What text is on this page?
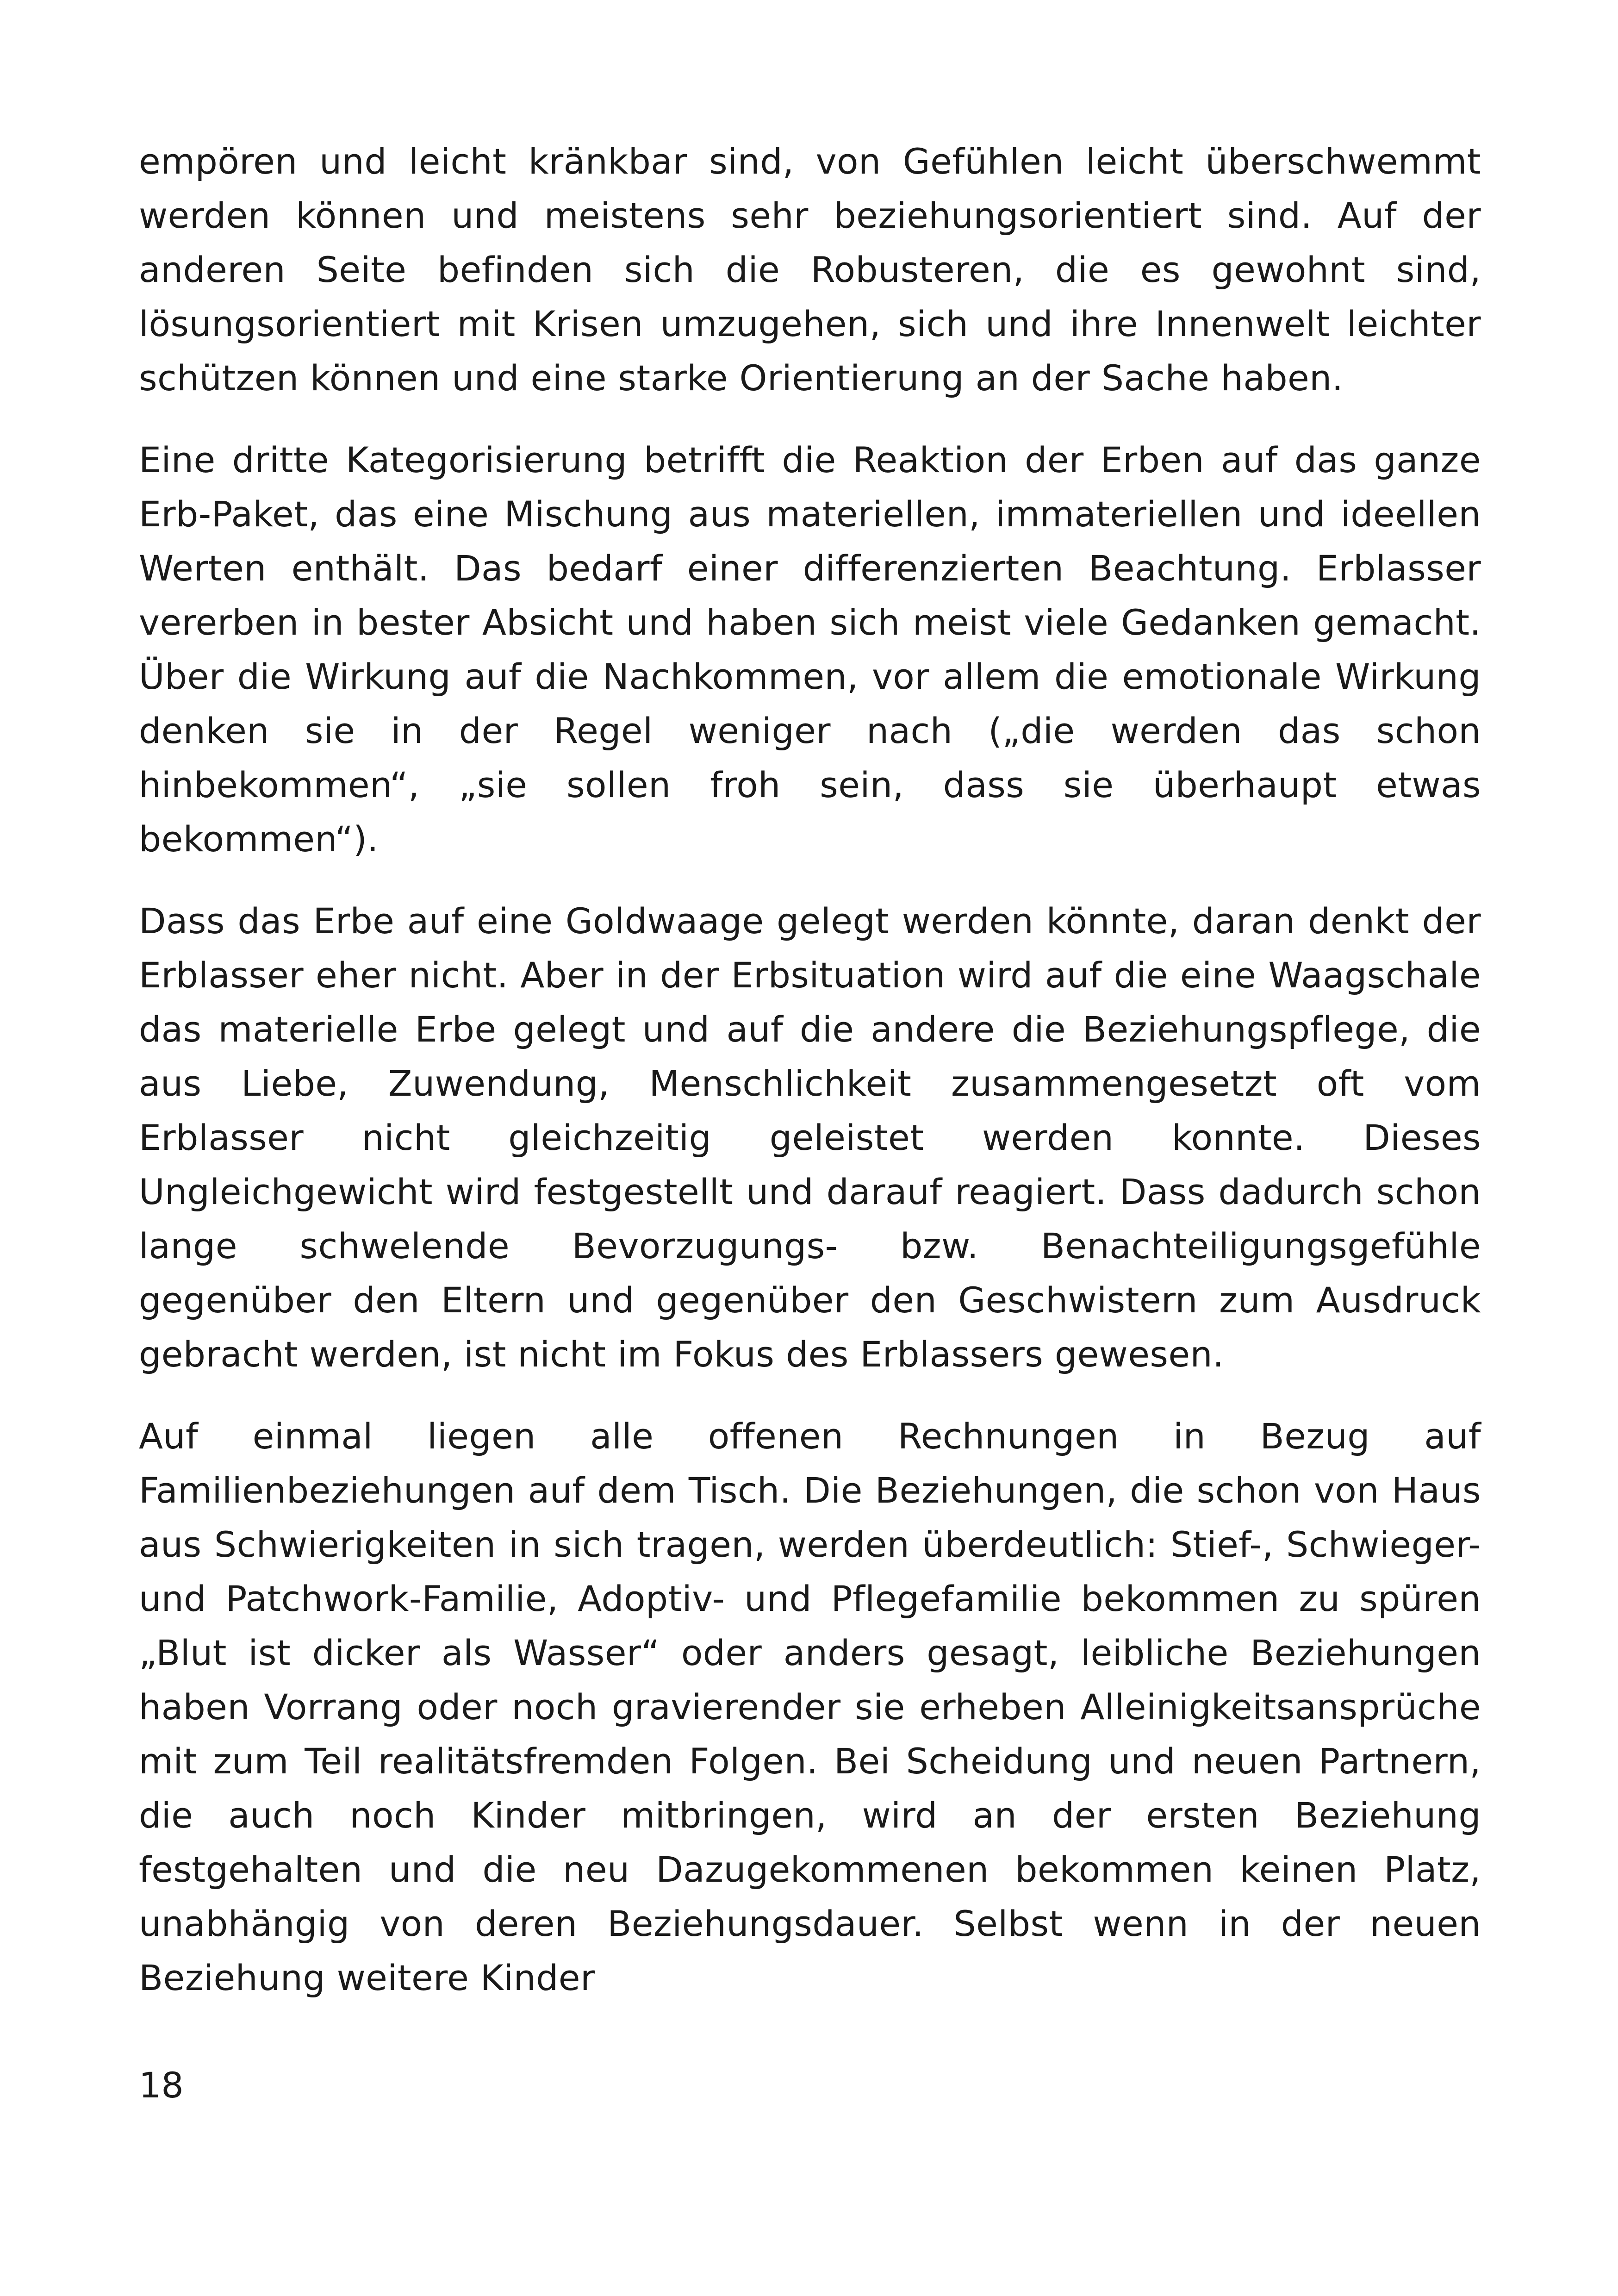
empören und leicht kränkbar sind, von Gefühlen leicht überschwemmt werden können und meistens sehr beziehungsorientiert sind. Auf der anderen Seite befinden sich die Robusteren, die es gewohnt sind, lösungsorientiert mit Krisen umzugehen, sich und ihre Innenwelt leichter schützen können und eine starke Orientierung an der Sache haben.

Eine dritte Kategorisierung betrifft die Reaktion der Erben auf das ganze Erb-Paket, das eine Mischung aus materiellen, immateriellen und ideellen Werten enthält. Das bedarf einer differenzierten Beachtung. Erblasser vererben in bester Absicht und haben sich meist viele Gedanken gemacht. Über die Wirkung auf die Nachkommen, vor allem die emotionale Wirkung denken sie in der Regel weniger nach („die werden das schon hinbekommen“, „sie sollen froh sein, dass sie überhaupt etwas bekommen“).

Dass das Erbe auf eine Goldwaage gelegt werden könnte, daran denkt der Erblasser eher nicht. Aber in der Erbsituation wird auf die eine Waagschale das materielle Erbe gelegt und auf die andere die Beziehungspflege, die aus Liebe, Zuwendung, Menschlichkeit zusammengesetzt oft vom Erblasser nicht gleichzeitig geleistet werden konnte. Dieses Ungleichgewicht wird festgestellt und darauf reagiert. Dass dadurch schon lange schwelende Bevorzugungs- bzw. Benachteiligungsgefühle gegenüber den Eltern und gegenüber den Geschwistern zum Ausdruck gebracht werden, ist nicht im Fokus des Erblassers gewesen.

Auf einmal liegen alle offenen Rechnungen in Bezug auf Familienbeziehungen auf dem Tisch. Die Beziehungen, die schon von Haus aus Schwierigkeiten in sich tragen, werden überdeutlich: Stief-, Schwieger- und Patchwork-Familie, Adoptiv- und Pflegefamilie bekommen zu spüren „Blut ist dicker als Wasser“ oder anders gesagt, leibliche Beziehungen haben Vorrang oder noch gravierender sie erheben Alleinigkeitsansprüche mit zum Teil realitätsfremden Folgen. Bei Scheidung und neuen Partnern, die auch noch Kinder mitbringen, wird an der ersten Beziehung festgehalten und die neu Dazugekommenen bekommen keinen Platz, unabhängig von deren Beziehungsdauer. Selbst wenn in der neuen Beziehung weitere Kinder

18
